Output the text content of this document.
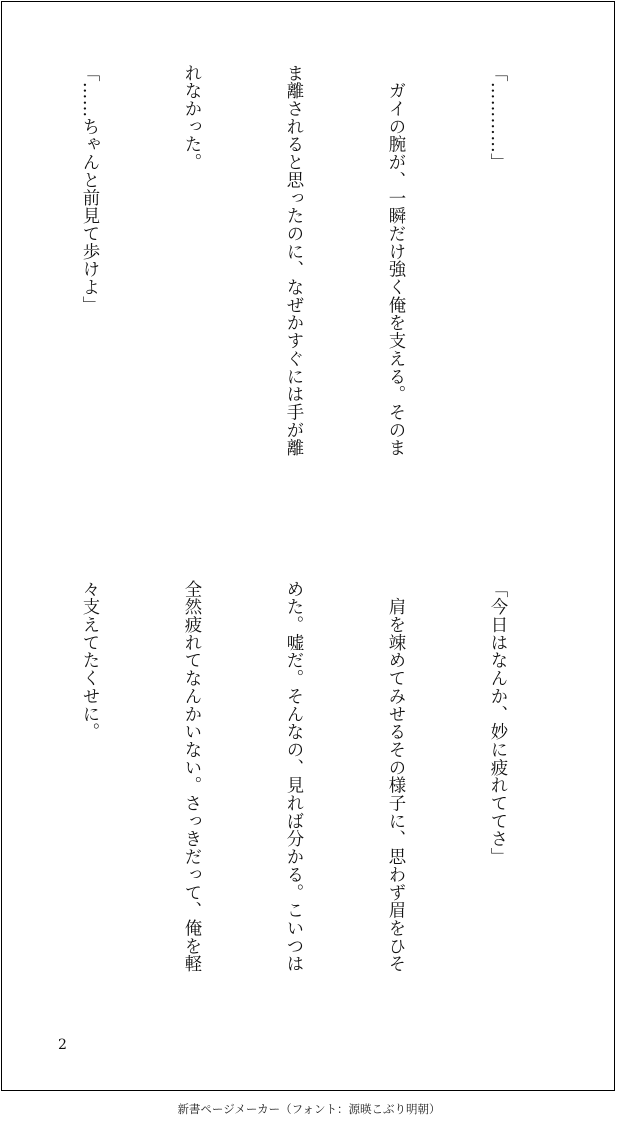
「…………」

　ガイの腕が、一瞬だけ強く俺を支える。そのま

ま離されると思ったのに、なぜかすぐには手が離

れなかった。

「……ちゃんと前見て歩けよ」

「今日はなんか、妙に疲れててさ」

　肩を竦めてみせるその様子に、思わず眉をひそ

めた。嘘だ。そんなの、見れば分かる。こいつは

全然疲れてなんかいない。さっきだって、俺を軽

々支えてたくせに。

2
新書ページメーカー（フォント：源暎こぶり明朝）
